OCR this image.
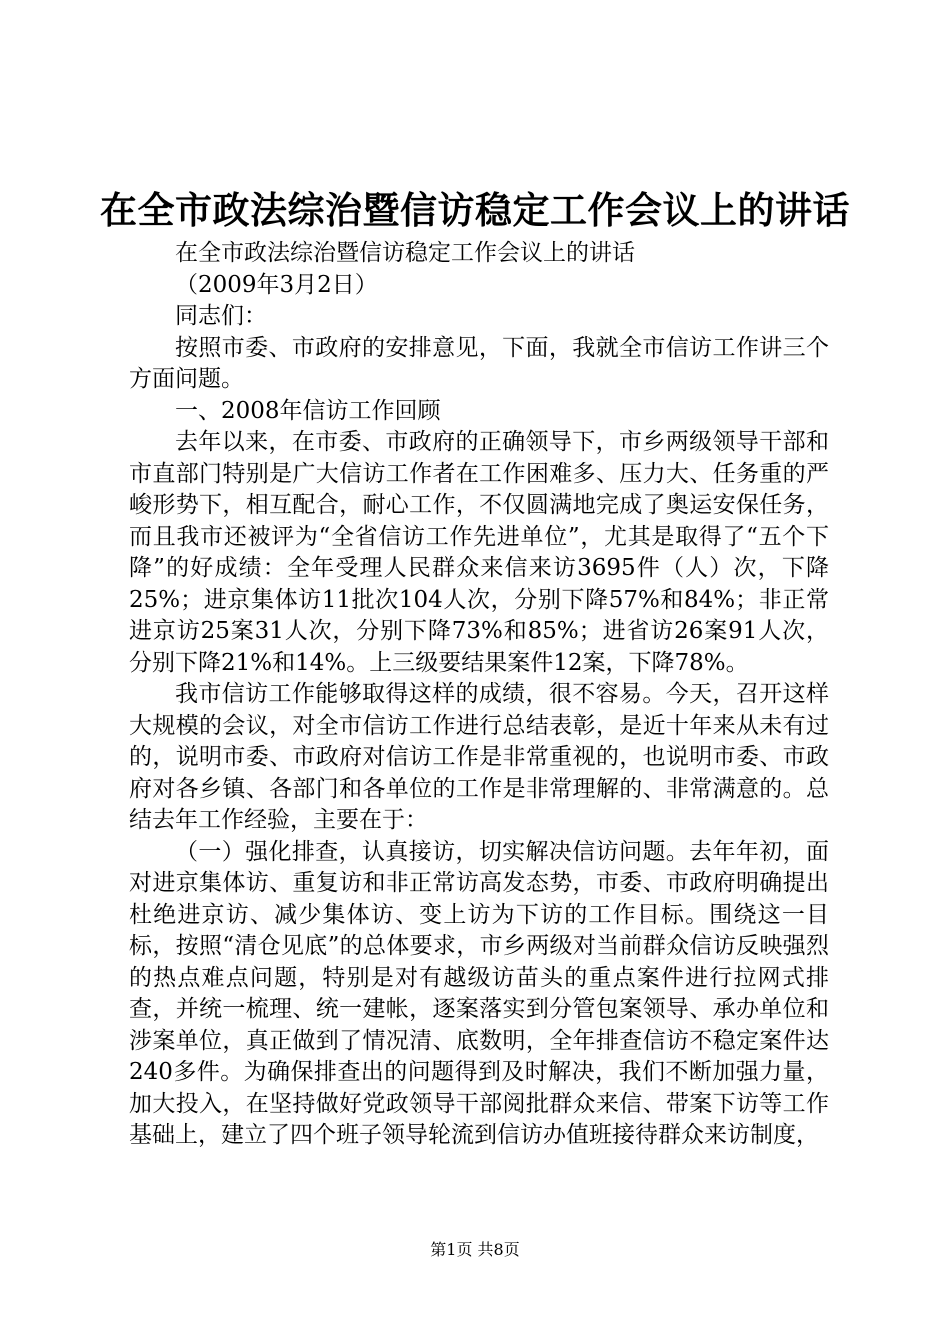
在全市政法综治暨信访稳定工作会议上的讲话

在全市政法综治暨信访稳定工作会议上的讲话

（2009年3月2日）

同志们：

按照市委、市政府的安排意见，下面，我就全市信访工作讲三个方面问题。

一、2008年信访工作回顾

去年以来，在市委、市政府的正确领导下，市乡两级领导干部和市直部门特别是广大信访工作者在工作困难多、压力大、任务重的严峻形势下，相互配合，耐心工作，不仅圆满地完成了奥运安保任务，而且我市还被评为“全省信访工作先进单位”，尤其是取得了“五个下降”的好成绩：全年受理人民群众来信来访3695件（人）次，下降25%；进京集体访11批次104人次，分别下降57%和84%；非正常进京访25案31人次，分别下降73%和85%；进省访26案91人次，分别下降21%和14%。上三级要结果案件12案，下降78%。

我市信访工作能够取得这样的成绩，很不容易。今天，召开这样大规模的会议，对全市信访工作进行总结表彰，是近十年来从未有过的，说明市委、市政府对信访工作是非常重视的，也说明市委、市政府对各乡镇、各部门和各单位的工作是非常理解的、非常满意的。总结去年工作经验，主要在于：

（一）强化排查，认真接访，切实解决信访问题。去年年初，面对进京集体访、重复访和非正常访高发态势，市委、市政府明确提出杜绝进京访、减少集体访、变上访为下访的工作目标。围绕这一目标，按照“清仓见底”的总体要求，市乡两级对当前群众信访反映强烈的热点难点问题，特别是对有越级访苗头的重点案件进行拉网式排查，并统一梳理、统一建帐，逐案落实到分管包案领导、承办单位和涉案单位，真正做到了情况清、底数明，全年排查信访不稳定案件达240多件。为确保排查出的问题得到及时解决，我们不断加强力量，加大投入，在坚持做好党政领导干部阅批群众来信、带案下访等工作基础上，建立了四个班子领导轮流到信访办值班接待群众来访制度，

第1页 共8页
